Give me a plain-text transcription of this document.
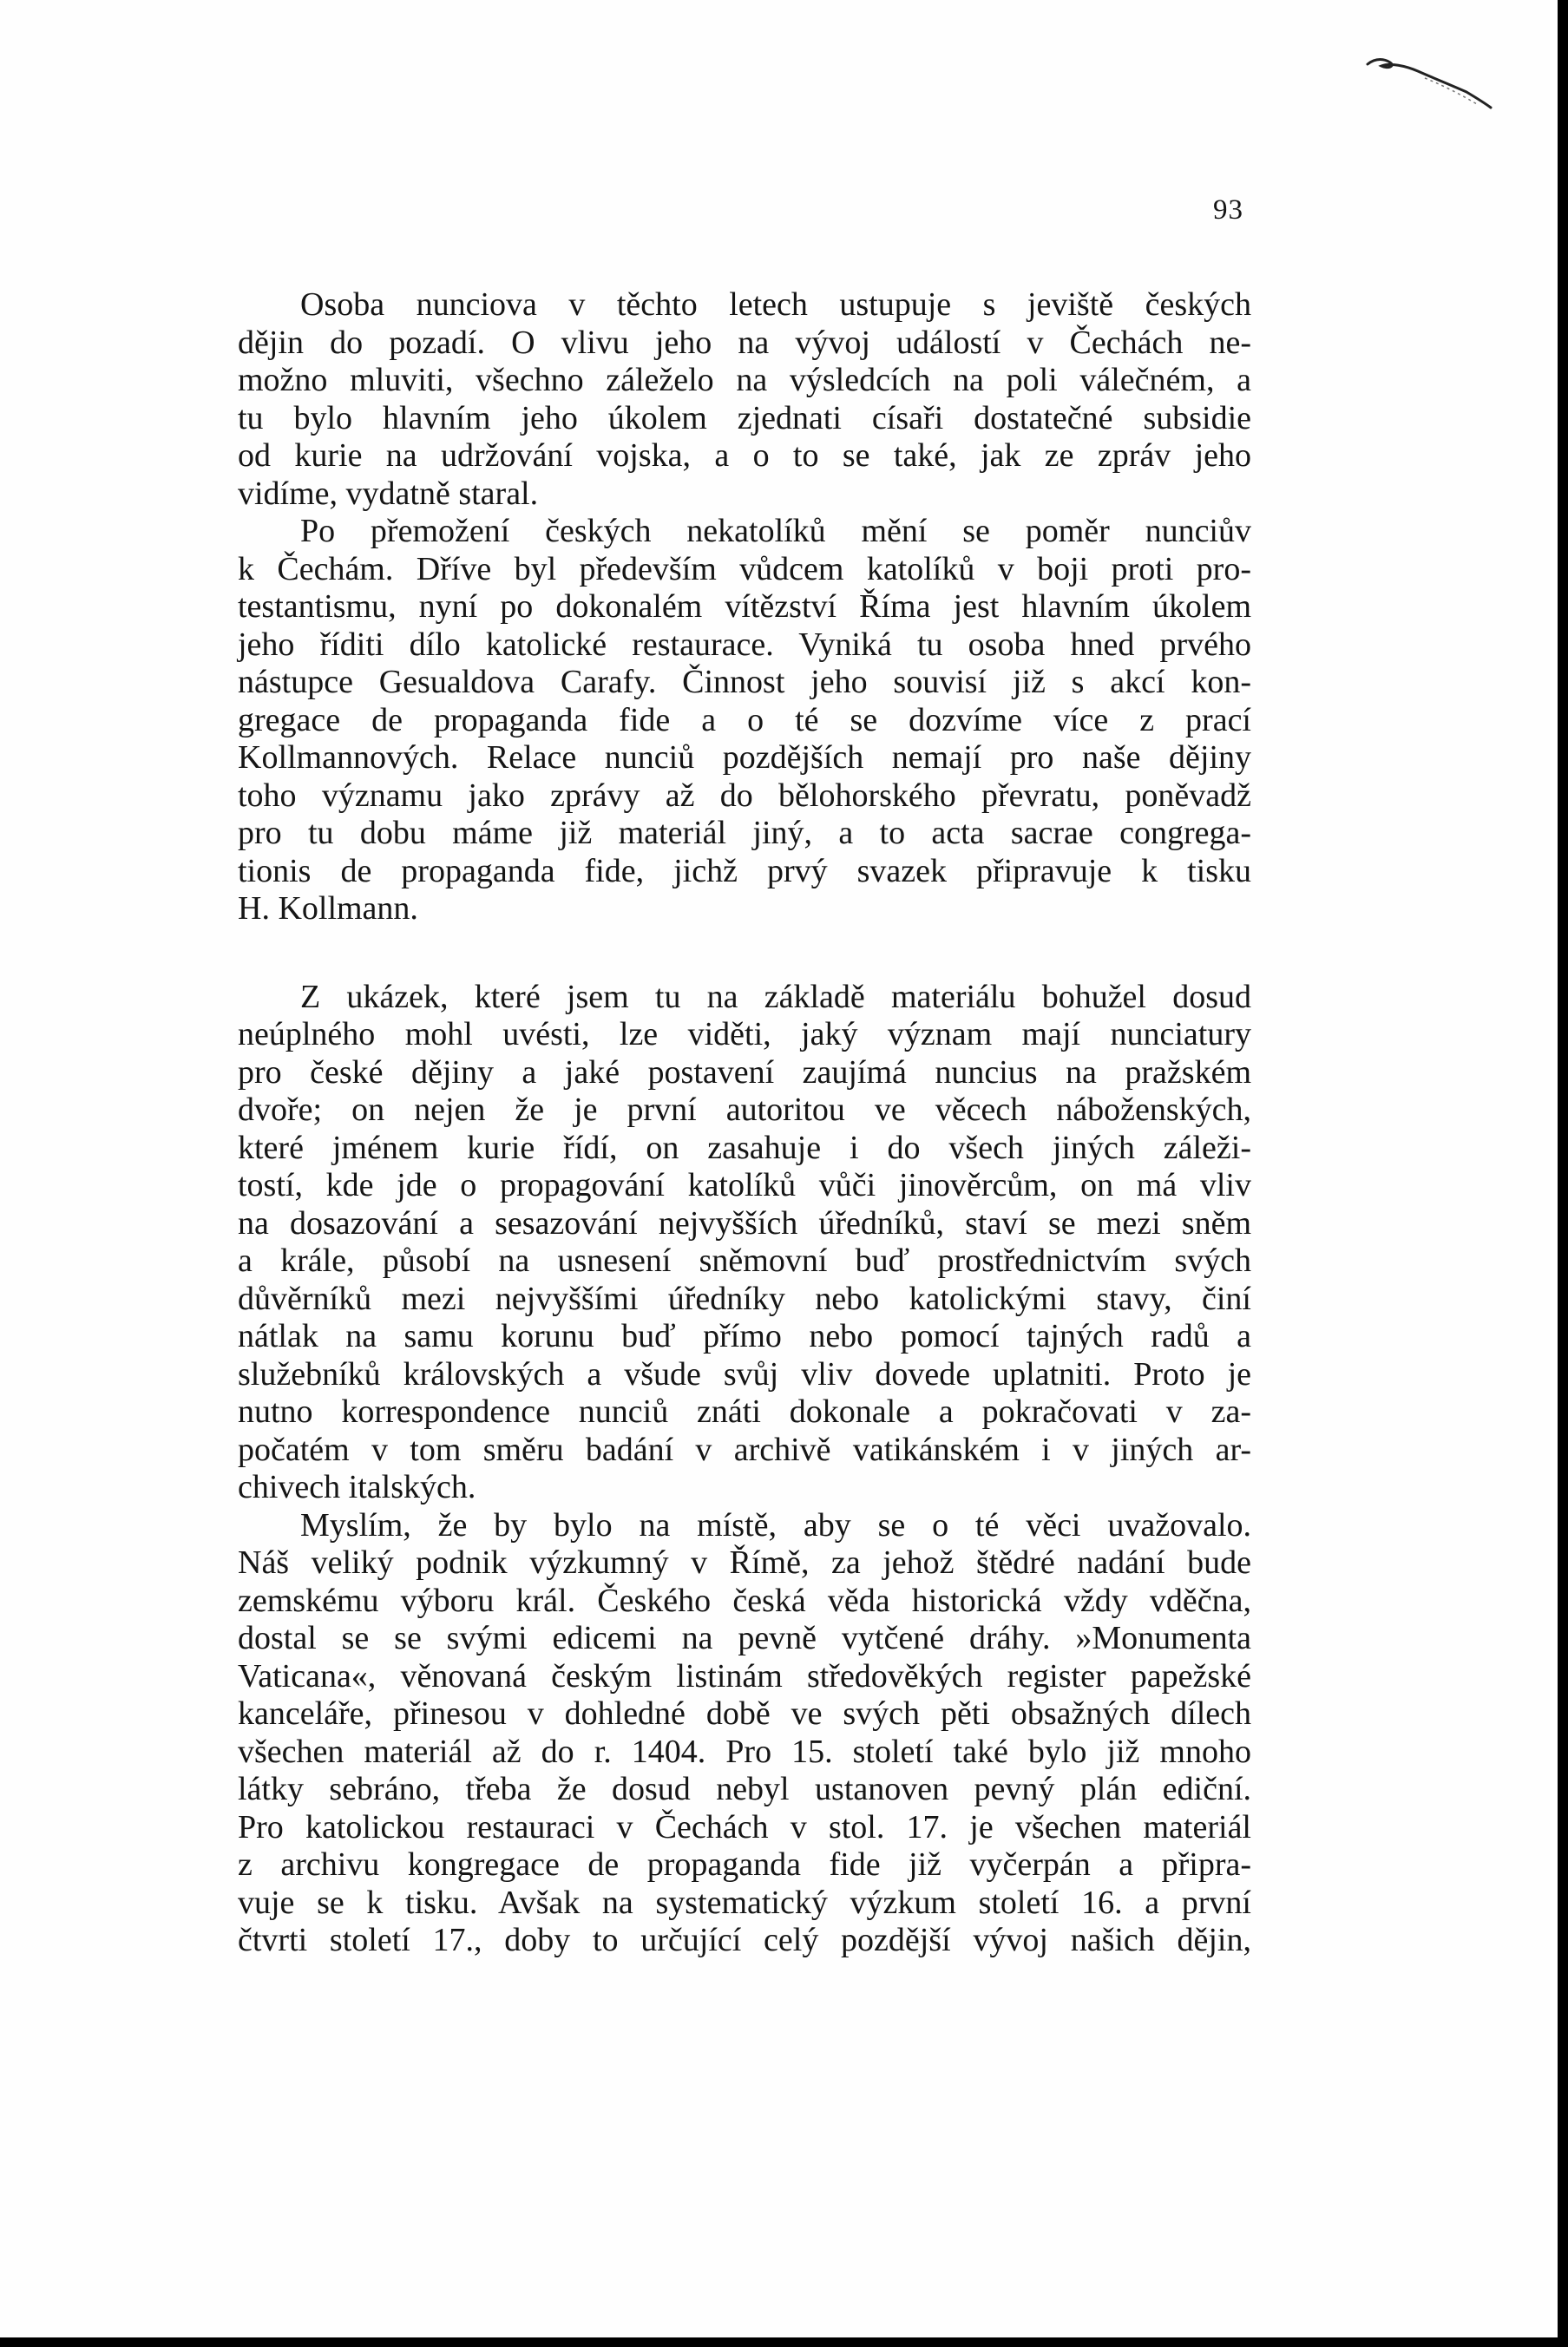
93

Osoba nunciova v těchto letech ustupuje s jeviště českých
dějin do pozadí. O vlivu jeho na vývoj událostí v Čechách ne-
možno mluviti, všechno záleželo na výsledcích na poli válečném, a
tu bylo hlavním jeho úkolem zjednati císaři dostatečné subsidie
od kurie na udržování vojska, a o to se také, jak ze zpráv jeho
vidíme, vydatně staral.

Po přemožení českých nekatolíků mění se poměr nunciův
k Čechám. Dříve byl především vůdcem katolíků v boji proti pro-
testantismu, nyní po dokonalém vítězství Říma jest hlavním úkolem
jeho říditi dílo katolické restaurace. Vyniká tu osoba hned prvého
nástupce Gesualdova Carafy. Činnost jeho souvisí již s akcí kon-
gregace de propaganda fide a o té se dozvíme více z prací
Kollmannových. Relace nunciů pozdějších nemají pro naše dějiny
toho významu jako zprávy až do bělohorského převratu, poněvadž
pro tu dobu máme již materiál jiný, a to acta sacrae congrega-
tionis de propaganda fide, jichž prvý svazek připravuje k tisku
H. Kollmann.

Z ukázek, které jsem tu na základě materiálu bohužel dosud
neúplného mohl uvésti, lze viděti, jaký význam mají nunciatury
pro české dějiny a jaké postavení zaujímá nuncius na pražském
dvoře; on nejen že je první autoritou ve věcech náboženských,
které jménem kurie řídí, on zasahuje i do všech jiných záleži-
tostí, kde jde o propagování katolíků vůči jinověrcům, on má vliv
na dosazování a sesazování nejvyšších úředníků, staví se mezi sněm
a krále, působí na usnesení sněmovní buď prostřednictvím svých
důvěrníků mezi nejvyššími úředníky nebo katolickými stavy, činí
nátlak na samu korunu buď přímo nebo pomocí tajných radů a
služebníků královských a všude svůj vliv dovede uplatniti. Proto je
nutno korrespondence nunciů znáti dokonale a pokračovati v za-
počatém v tom směru badání v archivě vatikánském i v jiných ar-
chivech italských.

Myslím, že by bylo na místě, aby se o té věci uvažovalo.
Náš veliký podnik výzkumný v Římě, za jehož štědré nadání bude
zemskému výboru král. Českého česká věda historická vždy vděčna,
dostal se se svými edicemi na pevně vytčené dráhy. »Monumenta
Vaticana«, věnovaná českým listinám středověkých register papežské
kanceláře, přinesou v dohledné době ve svých pěti obsažných dílech
všechen materiál až do r. 1404. Pro 15. století také bylo již mnoho
látky sebráno, třeba že dosud nebyl ustanoven pevný plán ediční.
Pro katolickou restauraci v Čechách v stol. 17. je všechen materiál
z archivu kongregace de propaganda fide již vyčerpán a připra-
vuje se k tisku. Avšak na systematický výzkum století 16. a první
čtvrti století 17., doby to určující celý pozdější vývoj našich dějin,
